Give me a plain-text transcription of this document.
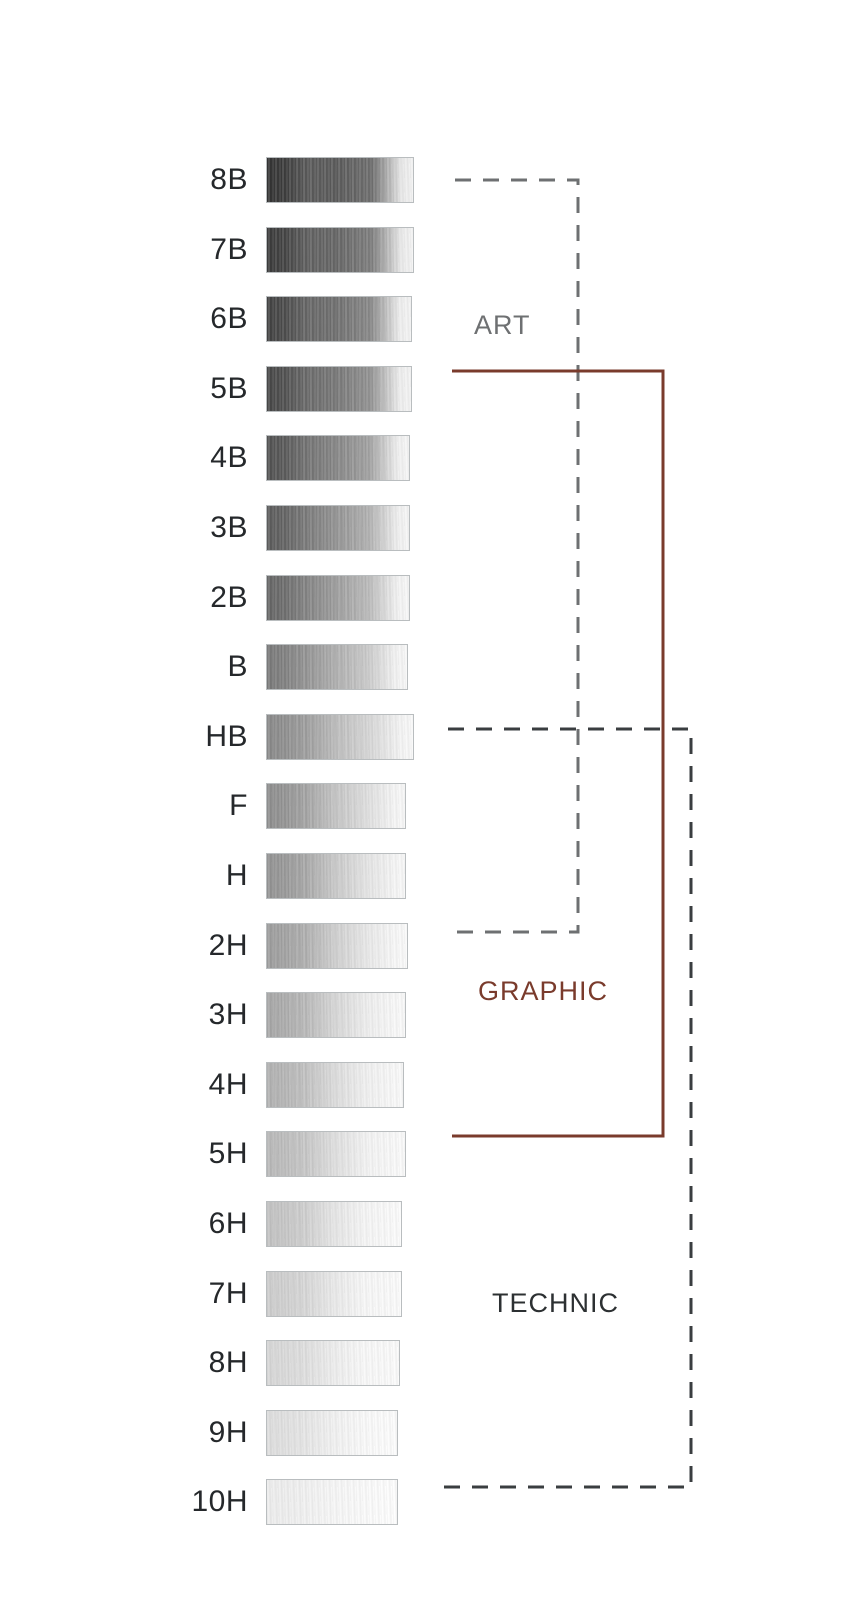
ART
GRAPHIC
TECHNIC
8B
7B
6B
5B
4B
3B
2B
B
HB
F
H
2H
3H
4H
5H
6H
7H
8H
9H
10H
